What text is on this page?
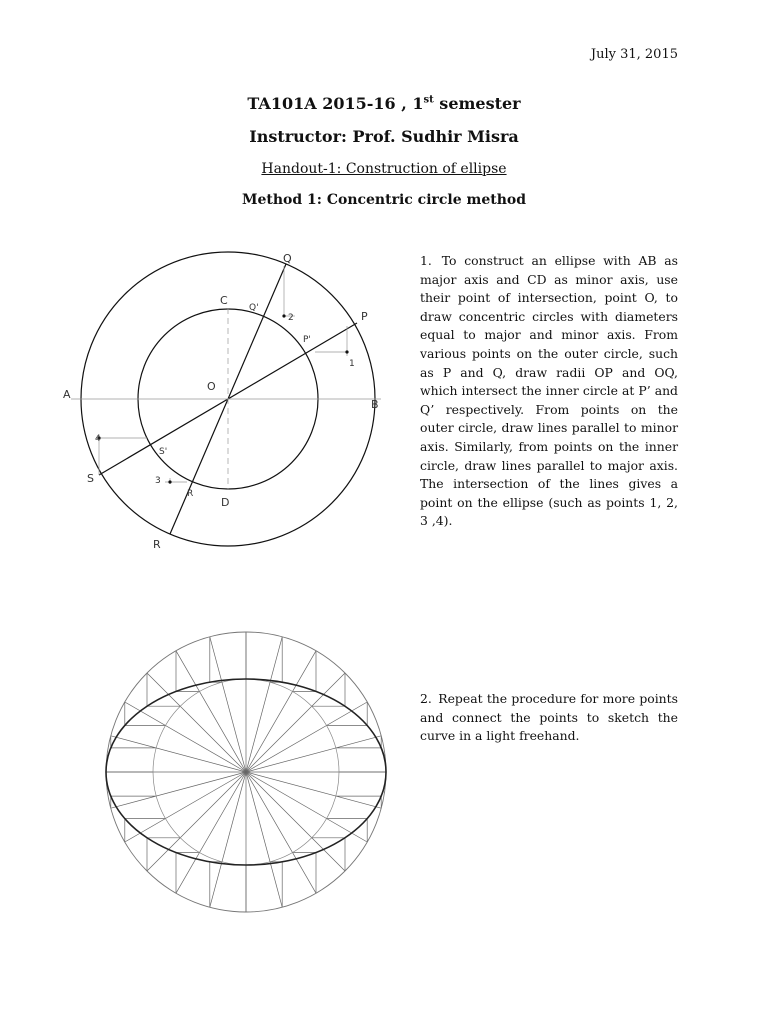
July 31, 2015
TA101A 2015-16 , 1st semester
Instructor: Prof. Sudhir Misra
Handout-1: Construction of ellipse
Method 1: Concentric circle method
A
B
C
D
O
Q
P
S
R
P'
Q'
R
S'
1
2
3
4
1. To construct an ellipse with AB as major axis and CD as minor axis, use their point of intersection, point O, to draw concentric circles with diameters equal to major and minor axis. From various points on the outer circle, such as P and Q, draw radii OP and OQ, which intersect the inner circle at P’ and Q’ respectively. From points on the outer circle, draw lines parallel to minor axis. Similarly, from points on the inner circle, draw lines parallel to major axis. The intersection of the lines gives a point on the ellipse (such as points 1, 2, 3 ,4).
2. Repeat the procedure for more points and connect the points to sketch the curve in a light freehand.
